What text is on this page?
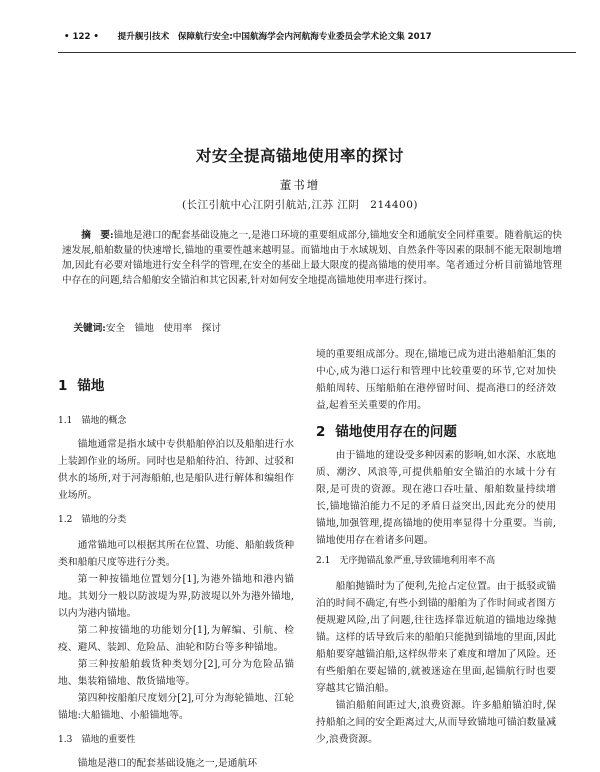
• 122 • 提升舰引技术　保障航行安全:中国航海学会内河航海专业委员会学术论文集 2017
对安全提高锚地使用率的探讨
董书增
(长江引航中心江阴引航站,江苏 江阴　214400)

摘　要:锚地是港口的配套基础设施之一,是港口环境的重要组成部分,锚地安全和通航安全同样重要。随着航运的快速发展,船舶数量的快速增长,锚地的重要性越来越明显。而锚地由于水域规划、自然条件等因素的限制不能无限制地增加,因此有必要对锚地进行安全科学的管理,在安全的基础上最大限度的提高锚地的使用率。笔者通过分析目前锚地管理中存在的问题,结合船舶安全锚泊和其它因素,针对如何安全地提高锚地使用率进行探讨。

关键词:安全　锚地　使用率　探讨

1 锚地

1.1　锚地的概念

锚地通常是指水域中专供船舶停泊以及船舶进行水上装卸作业的场所。同时也是船舶待泊、待卸、过驳和供水的场所,对于河海船舶,也是船队进行解体和编组作业场所。

1.2　锚地的分类

通常锚地可以根据其所在位置、功能、船舶载货种类和船舶尺度等进行分类。

第一种按锚地位置划分[1],为港外锚地和港内锚地。其划分一般以防波堤为界,防波堤以外为港外锚地,以内为港内锚地。

第二种按锚地的功能划分[1],为解编、引航、检疫、避风、装卸、危险品、油轮和防台等多种锚地。

第三种按船舶载货种类划分[2],可分为危险品锚地、集装箱锚地、散货锚地等。

第四种按船舶尺度划分[2],可分为海轮锚地、江轮锚地:大船锚地、小船锚地等。

1.3　锚地的重要性

锚地是港口的配套基础设施之一,是通航环

境的重要组成部分。现在,锚地已成为进出港船舶汇集的中心,成为港口运行和管理中比较重要的环节,它对加快船舶周转、压缩船舶在港停留时间、提高港口的经济效益,起着至关重要的作用。

2 锚地使用存在的问题

由于锚地的建设受多种因素的影响,如水深、水底地质、潮汐、风浪等,可提供船舶安全锚泊的水域十分有限,是可贵的资源。现在港口吞吐量、船舶数量持续增长,锚地锚泊能力不足的矛盾日益突出,因此充分的使用锚地,加强管理,提高锚地的使用率显得十分重要。当前,锚地使用存在着诸多问题。

2.1　无序抛锚乱象严重,导致锚地利用率不高

船舶抛锚时为了便利,先抢占定位置。由于抵驳或锚泊的时间不确定,有些小到锚的船舶为了作时间或者图方便规避风险,出了问题,往往选择靠近航道的锚地边缘抛锚。这样的话导致后来的船舶只能抛到锚地的里面,因此船舶要穿越锚泊船,这样纵带来了难度和增加了风险。还有些船舶在要起锚的,就被迷途在里面,起锚航行时也要穿越其它锚泊船。

锚泊船舶间距过大,浪费资源。许多船舶锚泊时,保持船舶之间的安全距离过大,从而导致锚地可锚泊数量减少,浪费资源。
